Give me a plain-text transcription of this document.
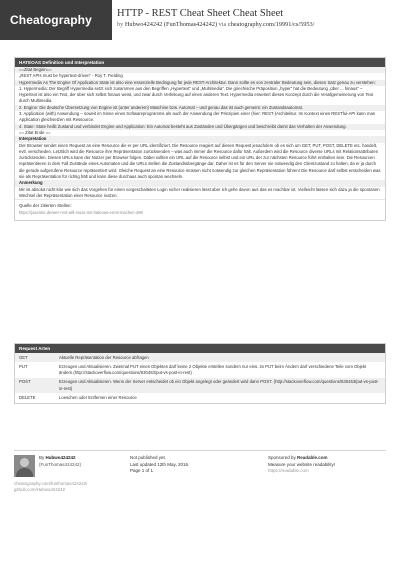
Cheatography HTTP - REST Cheat Sheet Cheat Sheet
by Hubwo424242 (FunThomas424242) via cheatography.com/19991/cs/5953/
HATEOAS Definition und Interpretation
==Zitat Beginn==
„REST APIs must be hypertext-driven“ - Roy T. Fielding
Hypermedia As The Engine Of Application State ist also eine essenzielle Bedingung für jede REST-Architektur. Dann sollte es von zentraler Bedeutung sein, diesen Satz genau zu verstehen:
1. Hypermedia: Der Begriff Hypermedia setzt sich zusammen aus den Begriffen „Hypertext“ und „Multimedia“. Die griechische Präposition „hyper“ hat die Bedeutung „über ... hinaus“ – Hypertext ist also ein Text, der über sich selbst hinaus weist, und zwar durch Verlinkung auf einen anderen Text. Hypermedia erweitert dieses Konzept durch die Verallgemeinerung von Text durch Multimedia.
2. Engine: Die deutsche Übersetzung von Engine ist (unter anderem) Maschine bzw. Automat – und genau das ist auch gemeint: ein Zustandsautomat.
3. Application (with) Anwendung – soweit im Sinne eines Softwareprogramms als auch der Anwendung der Prinzipien einer (hier: REST-)Architektur. Im Kontext eines RESTful-API kann man Application gleichsetzen mit Ressource.
4. State: State heißt Zustand und verbindet Engine und Application: Ein Automat besteht aus Zuständen und Übergängen und beschreibt damit das Verhalten der Anwendung.
== Zitat Ende ==
Interpretation
Der Browser sendet einen Request an eine Resource die er per URL identifiziert. Die Resource reagiert auf diesen Request jenachdem ob es sich um GET, PUT, POST, DELETE etc. handelt, evtl. verschieden. Letztlich wird die Resource ihre Repräsentation zurücksenden – was auch immer die Resource dafür hält. Außerdem wird die Resource diverse URLs mit Relationsattributen zurücksenden. Diesen URLs kann der Nutzer per Browser folgen. Dabei sollten ein URL auf die Resource selbst und ein URL der zur nächsten Resource führt enthalten sein. Die Resourcen repräsentieren in dem Fall Zustände eines Automaten und die URLs stellen die Zustandsübergänge dar. Daher ist es für den Server nie notwendig den Clientzustand zu halten, da er ja durch die gerade aufgerufene Resource repräsentiert wird. Gleiche Request an eine Resource müssen nicht notwendig zur gleichen Repräsentation führen! Die Resource darf selbst entscheiden was sie als Repräsentation für richtig hält und kann diese durchaus auch spontan wechseln.
Anmerkung
Mir ist absolut nicht klar wie sich das Vorgehen für einen vorgeschalteten Login sicher realisieren lässt aber ich gehe davon aus das es machbar ist. Vielleicht lassen sich dazu ja die spontanen Wechsel der Repräsentation einer Resource nutzen.
Quelle der zitierten Stellen:
https://jaxenter.de/wer-rest-will-muss-mit-hateoas-ernst-machen-488
Request Arten
GET	Aktuelle Repräsentation der Resource abfragen
PUT	Erzeugen und Aktualisieren. Zweimal PUT eines Objektes darf keine 2 Objekte erstellen sondern nur eins. 2x PUT beim Ändern darf verschiedene Teile vom Objekt ändern.(http://stackoverflow.com/questions/630453/put-vs-post-in-rest)
POST	Erzeugen und Aktualisieren. Wenn der Server entscheidet ob ein Objekt angelegt oder geändert wird dann POST. (http://stackoverflow.com/questions/630453/put-vs-post-in-rest)
DELETE	Loeschen oder Entfernen einer Resource
By Hubwo424242
(FunThomas424242)
Not published yet.
Last updated 12th May, 2016.
Page 1 of 1.
Sponsored by Readable.com
Measure your website readability!
https://readable.com
cheatography.com/funthomas424242/
github.com/Hubwo424242
